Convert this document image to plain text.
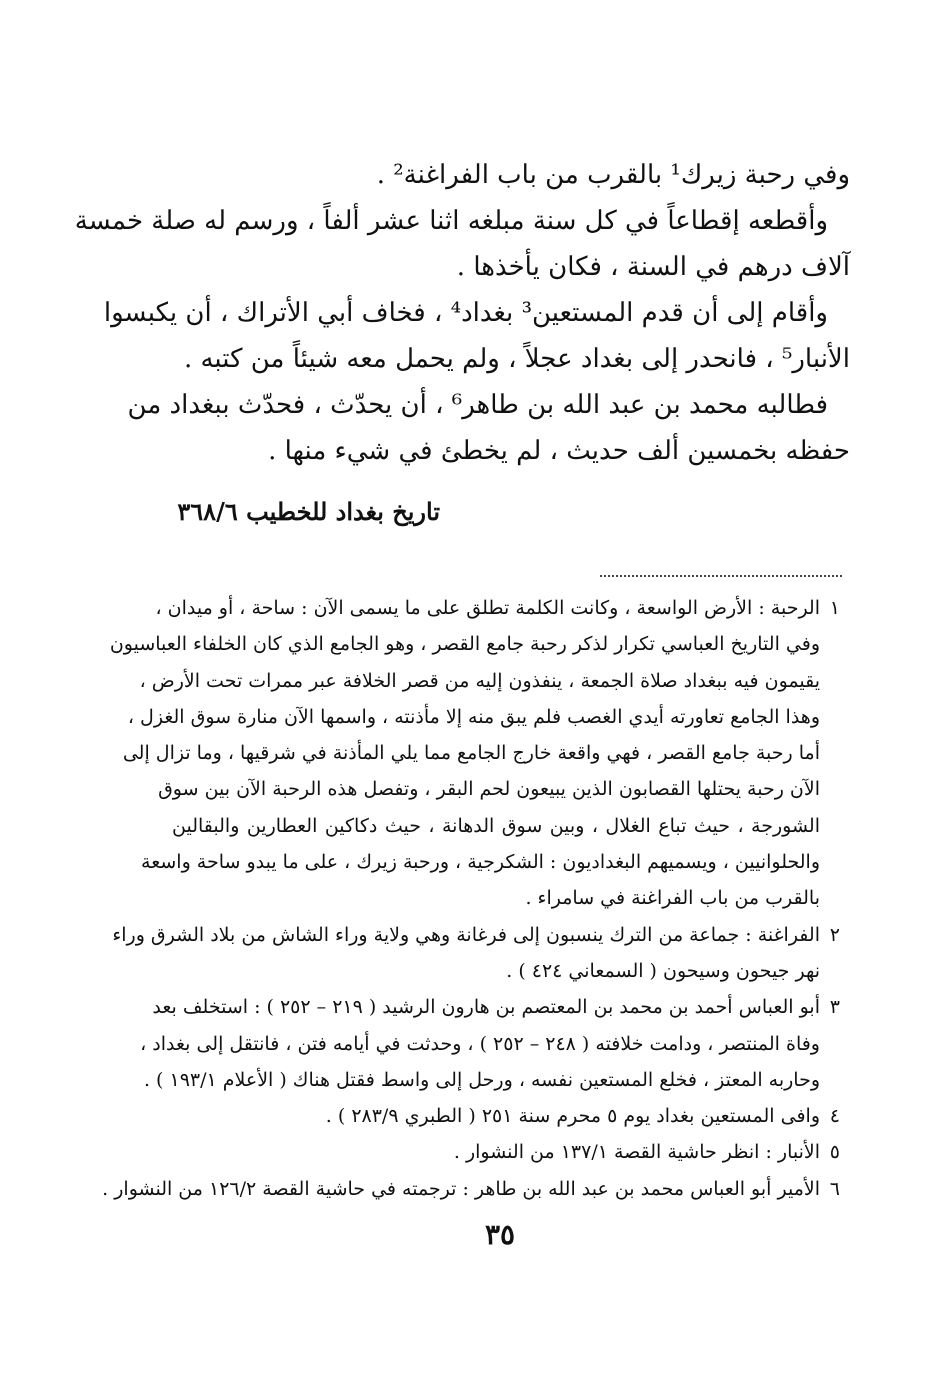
وفي رحبة زيرك¹ بالقرب من باب الفراغنة² .
وأقطعه إقطاعاً في كل سنة مبلغه اثنا عشر ألفاً ، ورسم له صلة خمسة
آلاف درهم في السنة ، فكان يأخذها .
وأقام إلى أن قدم المستعين³ بغداد⁴ ، فخاف أبي الأتراك ، أن يكبسوا
الأنبار⁵ ، فانحدر إلى بغداد عجلاً ، ولم يحمل معه شيئاً من كتبه .
فطالبه محمد بن عبد الله بن طاهر⁶ ، أن يحدّث ، فحدّث ببغداد من
حفظه بخمسين ألف حديث ، لم يخطئ في شيء منها .
تاريخ بغداد للخطيب ٣٦٨/٦
١الرحبة : الأرض الواسعة ، وكانت الكلمة تطلق على ما يسمى الآن : ساحة ، أو ميدان ،
وفي التاريخ العباسي تكرار لذكر رحبة جامع القصر ، وهو الجامع الذي كان الخلفاء العباسيون
يقيمون فيه ببغداد صلاة الجمعة ، ينفذون إليه من قصر الخلافة عبر ممرات تحت الأرض ،
وهذا الجامع تعاورته أيدي الغصب فلم يبق منه إلا مأذنته ، واسمها الآن منارة سوق الغزل ،
أما رحبة جامع القصر ، فهي واقعة خارج الجامع مما يلي المأذنة في شرقيها ، وما تزال إلى
الآن رحبة يحتلها القصابون الذين يبيعون لحم البقر ، وتفصل هذه الرحبة الآن بين سوق
الشورجة ، حيث تباع الغلال ، وبين سوق الدهانة ، حيث دكاكين العطارين والبقالين
والحلوانيين ، ويسميهم البغداديون : الشكرجية ، ورحبة زيرك ، على ما يبدو ساحة واسعة
بالقرب من باب الفراغنة في سامراء .
٢الفراغنة : جماعة من الترك ينسبون إلى فرغانة وهي ولاية وراء الشاش من بلاد الشرق وراء
نهر جيحون وسيحون ( السمعاني ٤٢٤ ) .
٣أبو العباس أحمد بن محمد بن المعتصم بن هارون الرشيد ( ٢١٩ – ٢٥٢ ) : استخلف بعد
وفاة المنتصر ، ودامت خلافته ( ٢٤٨ – ٢٥٢ ) ، وحدثت في أيامه فتن ، فانتقل إلى بغداد ،
وحاربه المعتز ، فخلع المستعين نفسه ، ورحل إلى واسط فقتل هناك ( الأعلام ١٩٣/١ ) .
٤وافى المستعين بغداد يوم ٥ محرم سنة ٢٥١ ( الطبري ٢٨٣/٩ ) .
٥الأنبار : انظر حاشية القصة ١٣٧/١ من النشوار .
٦الأمير أبو العباس محمد بن عبد الله بن طاهر : ترجمته في حاشية القصة ١٢٦/٢ من النشوار .
٣٥
